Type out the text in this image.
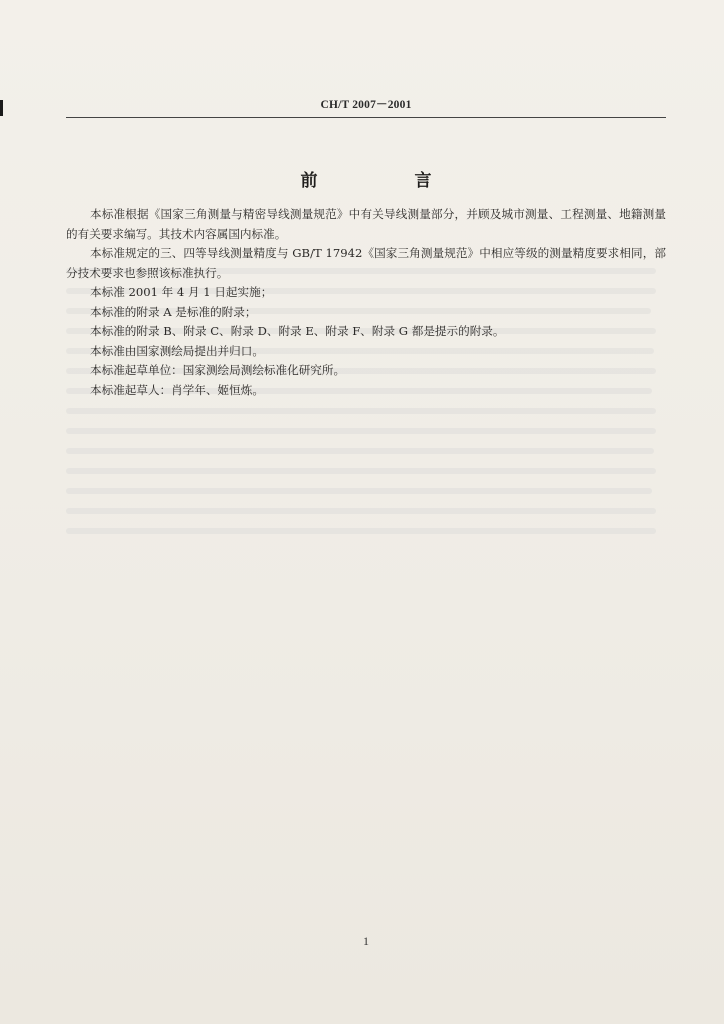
CH/T 2007－2001
前　言

本标准根据《国家三角测量与精密导线测量规范》中有关导线测量部分，并顾及城市测量、工程测量、地籍测量的有关要求编写。其技术内容属国内标准。

本标准规定的三、四等导线测量精度与 GB/T 17942《国家三角测量规范》中相应等级的测量精度要求相同，部分技术要求也参照该标准执行。

本标准 2001 年 4 月 1 日起实施；

本标准的附录 A 是标准的附录；

本标准的附录 B、附录 C、附录 D、附录 E、附录 F、附录 G 都是提示的附录。

本标准由国家测绘局提出并归口。

本标准起草单位：国家测绘局测绘标准化研究所。

本标准起草人：肖学年、姬恒炼。

1
